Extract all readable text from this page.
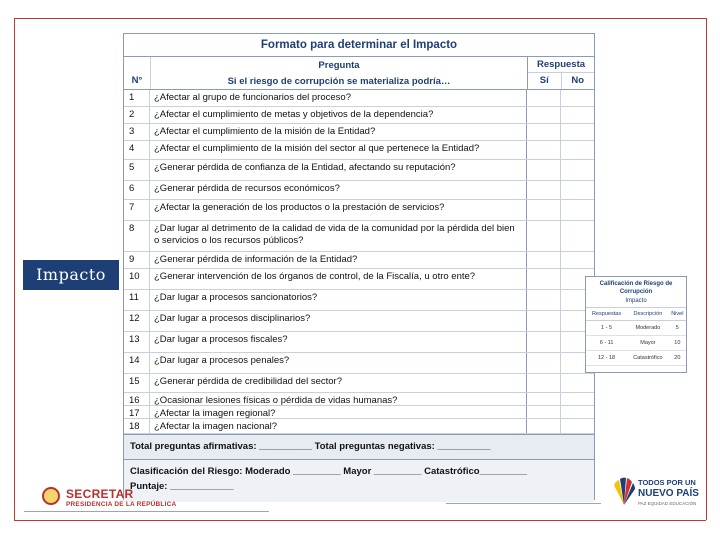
Impacto
Formato para determinar el Impacto
N°
Pregunta
Si el riesgo de corrupción se materializa podría…
Respuesta
Sí	No
1	¿Afectar al grupo de funcionarios del proceso?
2	¿Afectar el cumplimiento de metas y objetivos de la dependencia?
3	¿Afectar el cumplimiento de la misión de la Entidad?
4	¿Afectar el cumplimiento de la misión del sector al que pertenece la Entidad?
5	¿Generar pérdida de confianza de la Entidad, afectando su reputación?
6	¿Generar pérdida de recursos económicos?
7	¿Afectar la generación de los productos o la prestación de servicios?
8	¿Dar lugar al detrimento de la calidad de vida de la comunidad por la pérdida del bien o servicios o los recursos públicos?
9	¿Generar pérdida de información de la Entidad?
10	¿Generar intervención de los órganos de control, de la Fiscalía, u otro ente?
11	¿Dar lugar a procesos sancionatorios?
12	¿Dar lugar a procesos disciplinarios?
13	¿Dar lugar a procesos fiscales?
14	¿Dar lugar a procesos penales?
15	¿Generar pérdida de credibilidad del sector?
16	¿Ocasionar lesiones físicas o pérdida de vidas humanas?
17	¿Afectar la imagen regional?
18	¿Afectar la imagen nacional?
Total preguntas afirmativas: __________ Total preguntas negativas: __________
Clasificación del Riesgo: Moderado _________ Mayor _________ Catastrófico_________
Puntaje: ____________
Calificación de Riesgo de Corrupción
Impacto
Respuestas	Descripción	Nivel
1 - 5	Moderado	5
6 - 11	Mayor	10
12 - 18	Catastrófico	20
SECRETAR
PRESIDENCIA DE LA REPÚBLICA
TODOS POR UN
NUEVO PAÍS
PAZ EQUIDAD EDUCACIÓN
